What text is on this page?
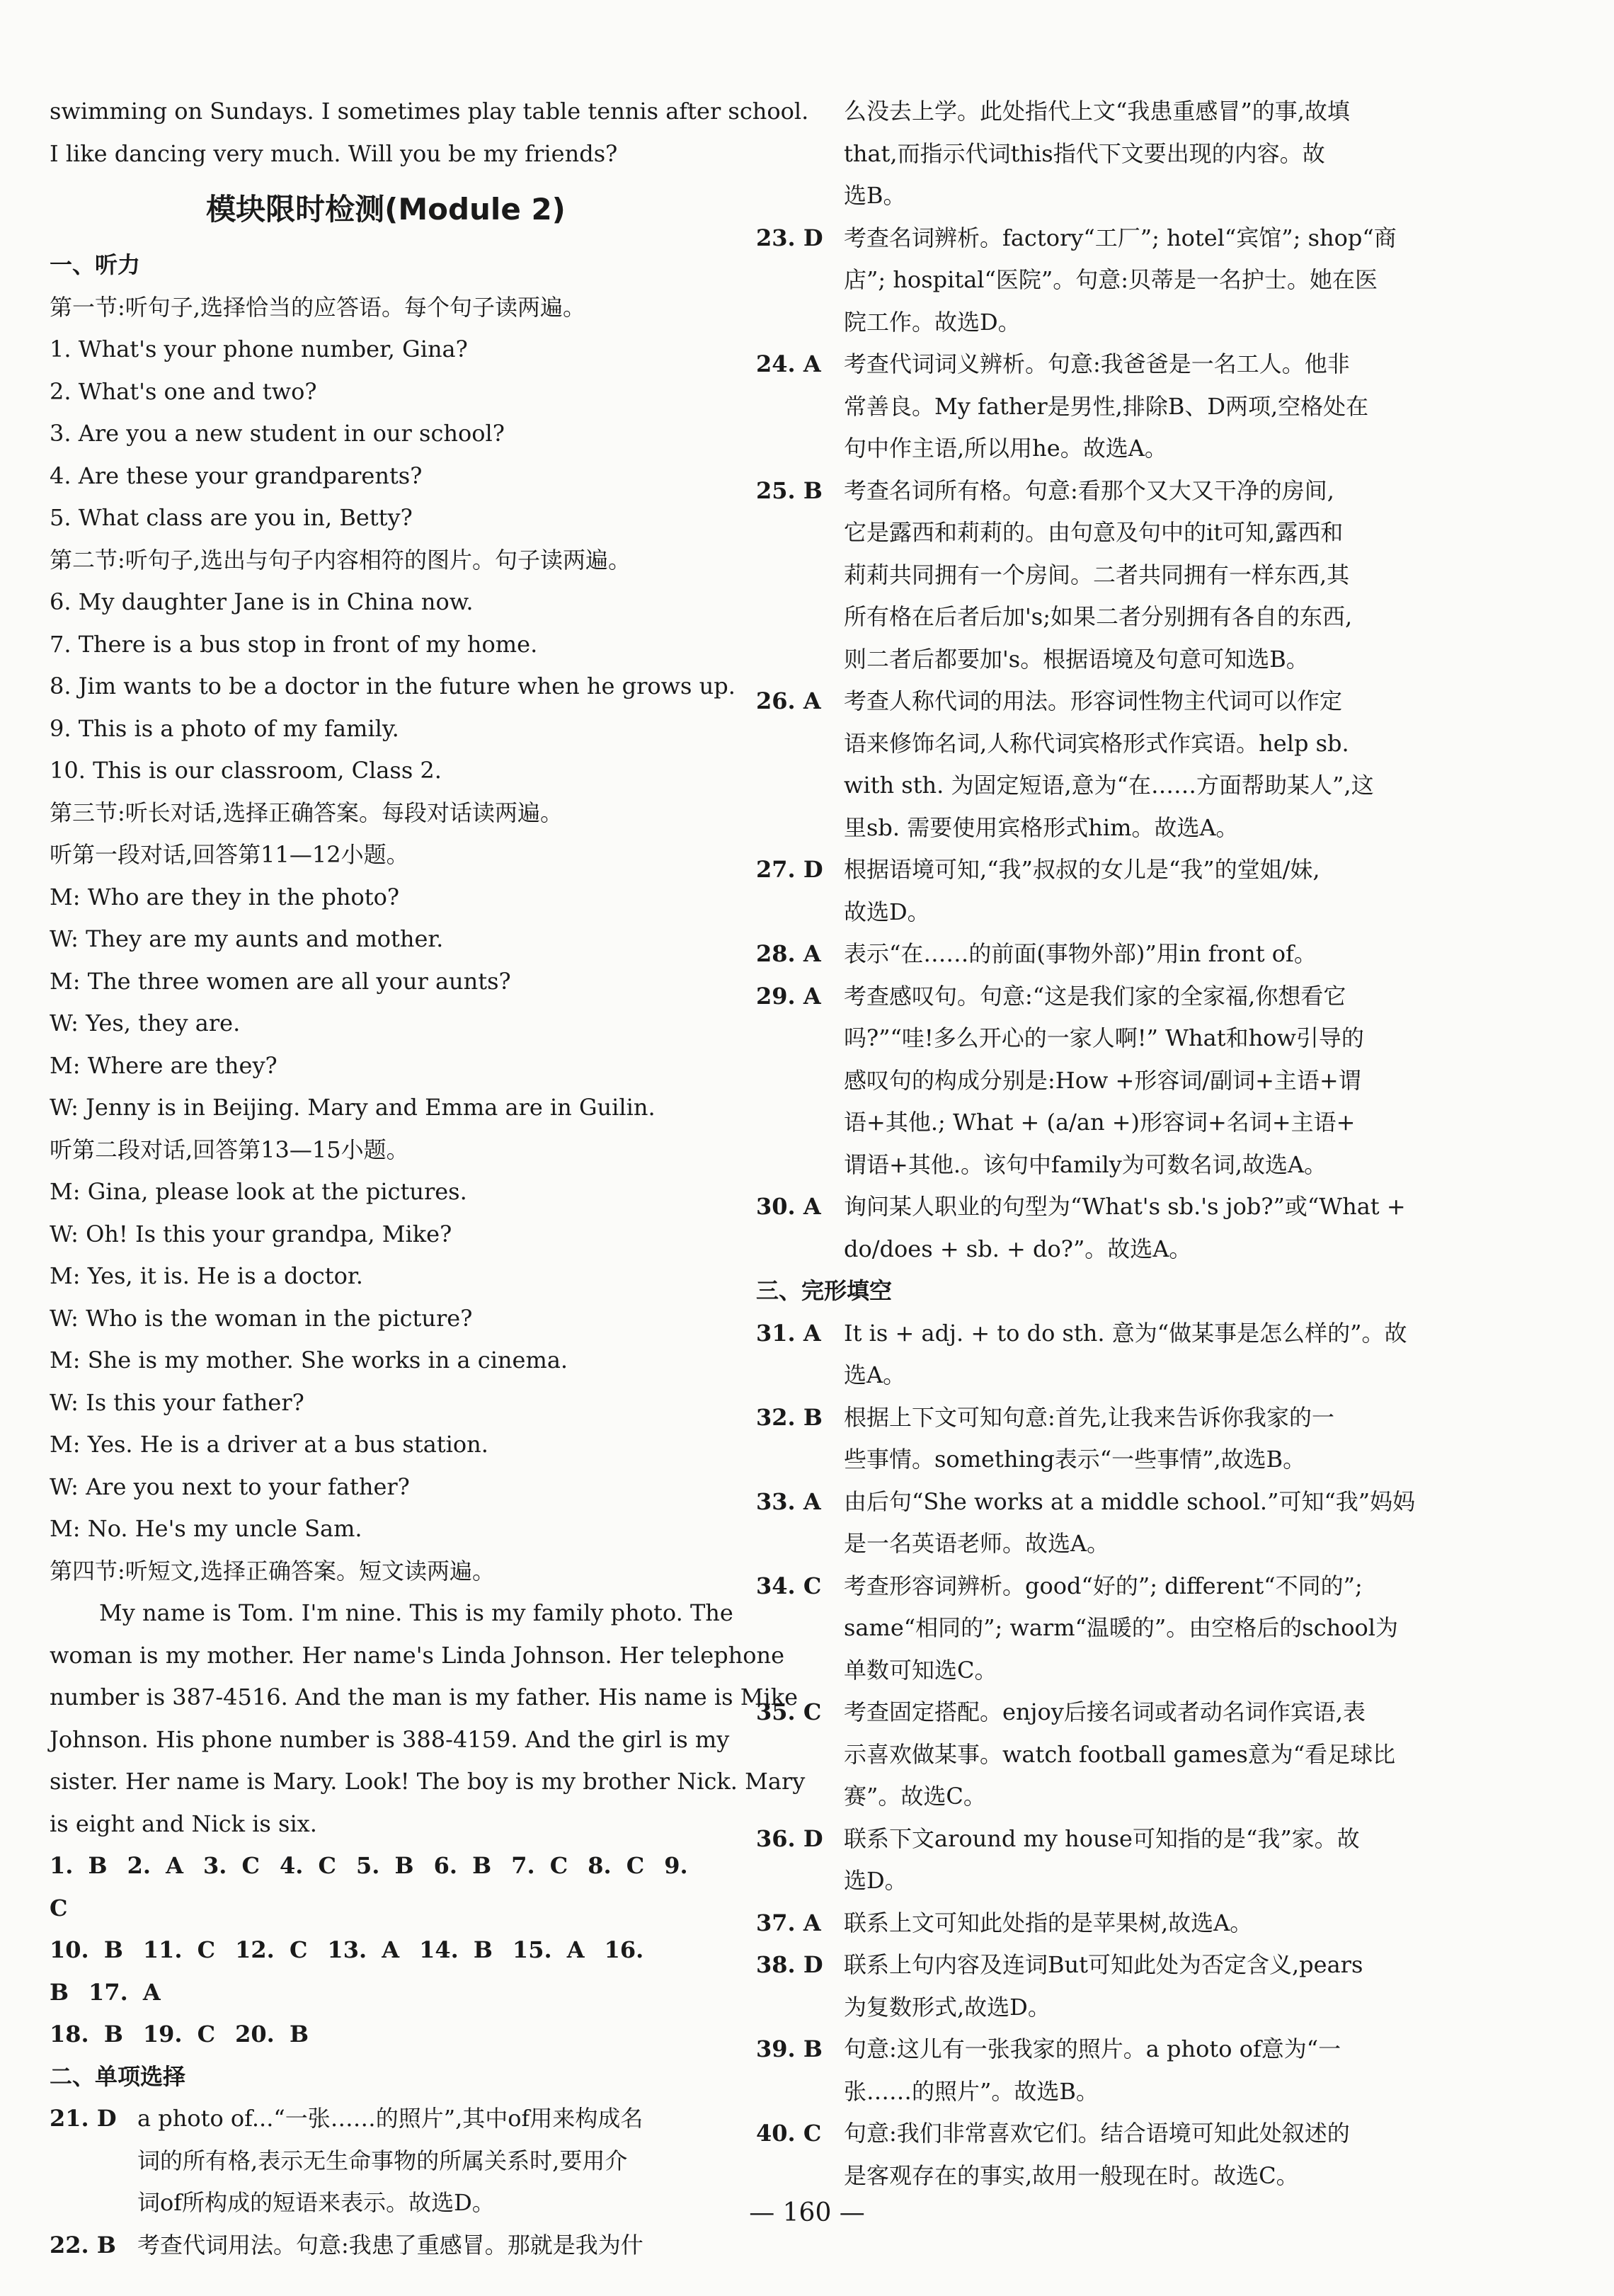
swimming on Sundays. I sometimes play table tennis after school.
I like dancing very much. Will you be my friends?
模块限时检测(Module 2)
一、听力
第一节:听句子,选择恰当的应答语。每个句子读两遍。
1. What's your phone number, Gina?
2. What's one and two?
3. Are you a new student in our school?
4. Are these your grandparents?
5. What class are you in, Betty?
第二节:听句子,选出与句子内容相符的图片。句子读两遍。
6. My daughter Jane is in China now.
7. There is a bus stop in front of my home.
8. Jim wants to be a doctor in the future when he grows up.
9. This is a photo of my family.
10. This is our classroom, Class 2.
第三节:听长对话,选择正确答案。每段对话读两遍。
听第一段对话,回答第11—12小题。
M: Who are they in the photo?
W: They are my aunts and mother.
M: The three women are all your aunts?
W: Yes, they are.
M: Where are they?
W: Jenny is in Beijing. Mary and Emma are in Guilin.
听第二段对话,回答第13—15小题。
M: Gina, please look at the pictures.
W: Oh! Is this your grandpa, Mike?
M: Yes, it is. He is a doctor.
W: Who is the woman in the picture?
M: She is my mother. She works in a cinema.
W: Is this your father?
M: Yes. He is a driver at a bus station.
W: Are you next to your father?
M: No. He's my uncle Sam.
第四节:听短文,选择正确答案。短文读两遍。
My name is Tom. I'm nine. This is my family photo. The
woman is my mother. Her name's Linda Johnson. Her telephone
number is 387-4516. And the man is my father. His name is Mike
Johnson. His phone number is 388-4159. And the girl is my
sister. Her name is Mary. Look! The boy is my brother Nick. Mary
is eight and Nick is six.
1. B 2. A 3. C 4. C 5. B 6. B 7. C 8. C 9. C
10. B 11. C 12. C 13. A 14. B 15. A 16. B 17. A
18. B 19. C 20. B
二、单项选择
21. D a photo of...“一张……的照片”,其中of用来构成名
词的所有格,表示无生命事物的所属关系时,要用介
词of所构成的短语来表示。故选D。
22. B 考查代词用法。句意:我患了重感冒。那就是我为什
么没去上学。此处指代上文“我患重感冒”的事,故填
that,而指示代词this指代下文要出现的内容。故
选B。
23. D 考查名词辨析。factory“工厂”; hotel“宾馆”; shop“商
店”; hospital“医院”。句意:贝蒂是一名护士。她在医
院工作。故选D。
24. A	考查代词词义辨析。句意:我爸爸是一名工人。他非
常善良。My father是男性,排除B、D两项,空格处在
句中作主语,所以用he。故选A。
25. B 考查名词所有格。句意:看那个又大又干净的房间,
它是露西和莉莉的。由句意及句中的it可知,露西和
莉莉共同拥有一个房间。二者共同拥有一样东西,其
所有格在后者后加's;如果二者分别拥有各自的东西,
则二者后都要加's。根据语境及句意可知选B。
26. A	考查人称代词的用法。形容词性物主代词可以作定
语来修饰名词,人称代词宾格形式作宾语。help sb.
with sth. 为固定短语,意为“在……方面帮助某人”,这
里sb. 需要使用宾格形式him。故选A。
27. D 根据语境可知,“我”叔叔的女儿是“我”的堂姐/妹,
故选D。
28. A	表示“在……的前面(事物外部)”用in front of。
29. A	考查感叹句。句意:“这是我们家的全家福,你想看它
吗?”“哇!多么开心的一家人啊!” What和how引导的
感叹句的构成分别是:How +形容词/副词+主语+谓
语+其他.; What + (a/an +)形容词+名词+主语+
谓语+其他.。该句中family为可数名词,故选A。
30. A	询问某人职业的句型为“What's sb.'s job?”或“What +
do/does + sb. + do?”。故选A。
三、完形填空
31. A	It is + adj. + to do sth. 意为“做某事是怎么样的”。故
选A。
32. B 根据上下文可知句意:首先,让我来告诉你我家的一
些事情。something表示“一些事情”,故选B。
33. A	由后句“She works at a middle school.”可知“我”妈妈
是一名英语老师。故选A。
34. C 考查形容词辨析。good“好的”; different“不同的”;
same“相同的”; warm“温暖的”。由空格后的school为
单数可知选C。
35. C 考查固定搭配。enjoy后接名词或者动名词作宾语,表
示喜欢做某事。watch football games意为“看足球比
赛”。故选C。
36. D 联系下文around my house可知指的是“我”家。故
选D。
37. A	联系上文可知此处指的是苹果树,故选A。
38. D 联系上句内容及连词But可知此处为否定含义,pears
为复数形式,故选D。
39. B 句意:这儿有一张我家的照片。a photo of意为“一
张……的照片”。故选B。
40. C 句意:我们非常喜欢它们。结合语境可知此处叙述的
是客观存在的事实,故用一般现在时。故选C。
— 160 —
